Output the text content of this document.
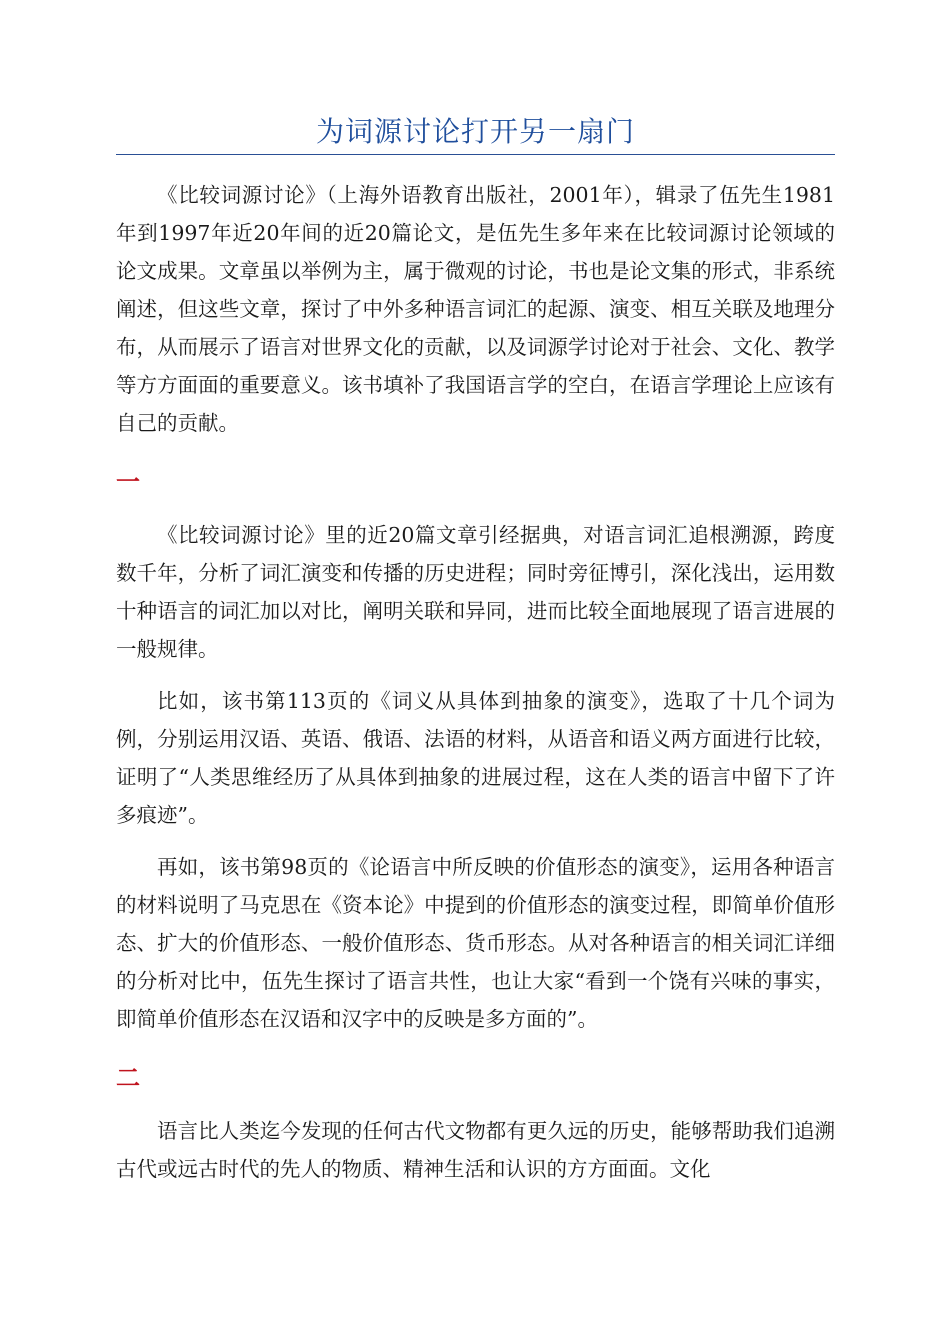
为词源讨论打开另一扇门

《比较词源讨论》（上海外语教育出版社，2001年），辑录了伍先生1981年到1997年近20年间的近20篇论文，是伍先生多年来在比较词源讨论领域的论文成果。文章虽以举例为主，属于微观的讨论，书也是论文集的形式，非系统阐述，但这些文章，探讨了中外多种语言词汇的起源、演变、相互关联及地理分布，从而展示了语言对世界文化的贡献，以及词源学讨论对于社会、文化、教学等方方面面的重要意义。该书填补了我国语言学的空白，在语言学理论上应该有自己的贡献。

一

《比较词源讨论》里的近20篇文章引经据典，对语言词汇追根溯源，跨度数千年，分析了词汇演变和传播的历史进程；同时旁征博引，深化浅出，运用数十种语言的词汇加以对比，阐明关联和异同，进而比较全面地展现了语言进展的一般规律。

比如，该书第113页的《词义从具体到抽象的演变》，选取了十几个词为例，分别运用汉语、英语、俄语、法语的材料，从语音和语义两方面进行比较，证明了“人类思维经历了从具体到抽象的进展过程，这在人类的语言中留下了许多痕迹”。

再如，该书第98页的《论语言中所反映的价值形态的演变》，运用各种语言的材料说明了马克思在《资本论》中提到的价值形态的演变过程，即简单价值形态、扩大的价值形态、一般价值形态、货币形态。从对各种语言的相关词汇详细的分析对比中，伍先生探讨了语言共性，也让大家“看到一个饶有兴味的事实，即简单价值形态在汉语和汉字中的反映是多方面的”。

二

语言比人类迄今发现的任何古代文物都有更久远的历史，能够帮助我们追溯古代或远古时代的先人的物质、精神生活和认识的方方面面。文化
